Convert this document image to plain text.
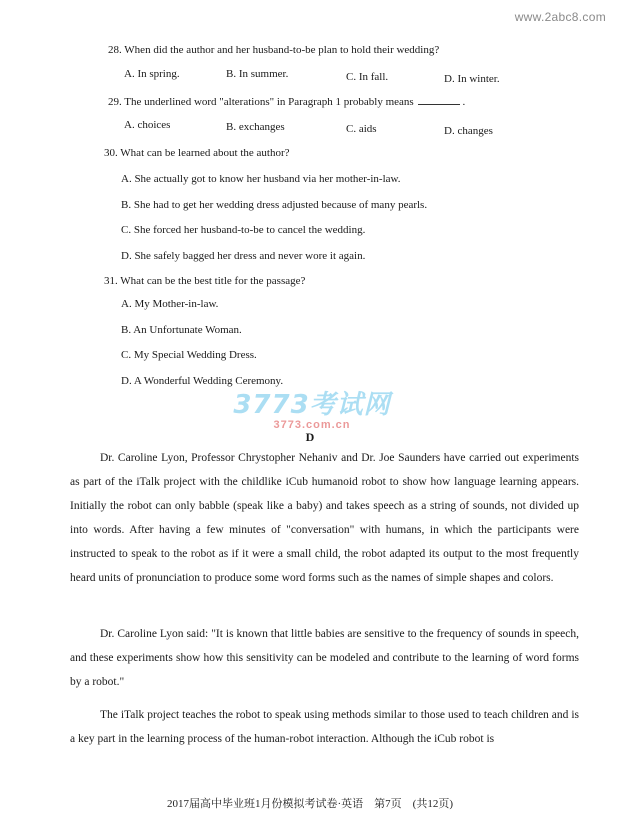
www.2abc8.com
28. When did the author and her husband-to-be plan to hold their wedding?
A. In spring.	B. In summer.	C. In fall.	D. In winter.
29. The underlined word "alterations" in Paragraph 1 probably means	.
A. choices	B. exchanges	C. aids	D. changes
30. What can be learned about the author?
A. She actually got to know her husband via her mother-in-law.
B. She had to get her wedding dress adjusted because of many pearls.
C. She forced her husband-to-be to cancel the wedding.
D. She safely bagged her dress and never wore it again.
31. What can be the best title for the passage?
A. My Mother-in-law.
B. An Unfortunate Woman.
C. My Special Wedding Dress.
D. A Wonderful Wedding Ceremony.
3773考试网
3773.com.cn
D
Dr. Caroline Lyon, Professor Chrystopher Nehaniv and Dr. Joe Saunders have carried out experiments as part of the iTalk project with the childlike iCub humanoid robot to show how language learning appears. Initially the robot can only babble (speak like a baby) and takes speech as a string of sounds, not divided up into words. After having a few minutes of "conversation" with humans, in which the participants were instructed to speak to the robot as if it were a small child, the robot adapted its output to the most frequently heard units of pronunciation to produce some word forms such as the names of simple shapes and colors.
Dr. Caroline Lyon said: "It is known that little babies are sensitive to the frequency of sounds in speech, and these experiments show how this sensitivity can be modeled and contribute to the learning of word forms by a robot."
The iTalk project teaches the robot to speak using methods similar to those used to teach children and is a key part in the learning process of the human-robot interaction. Although the iCub robot is
2017届高中毕业班1月份模拟考试卷·英语　第7页　(共12页)
